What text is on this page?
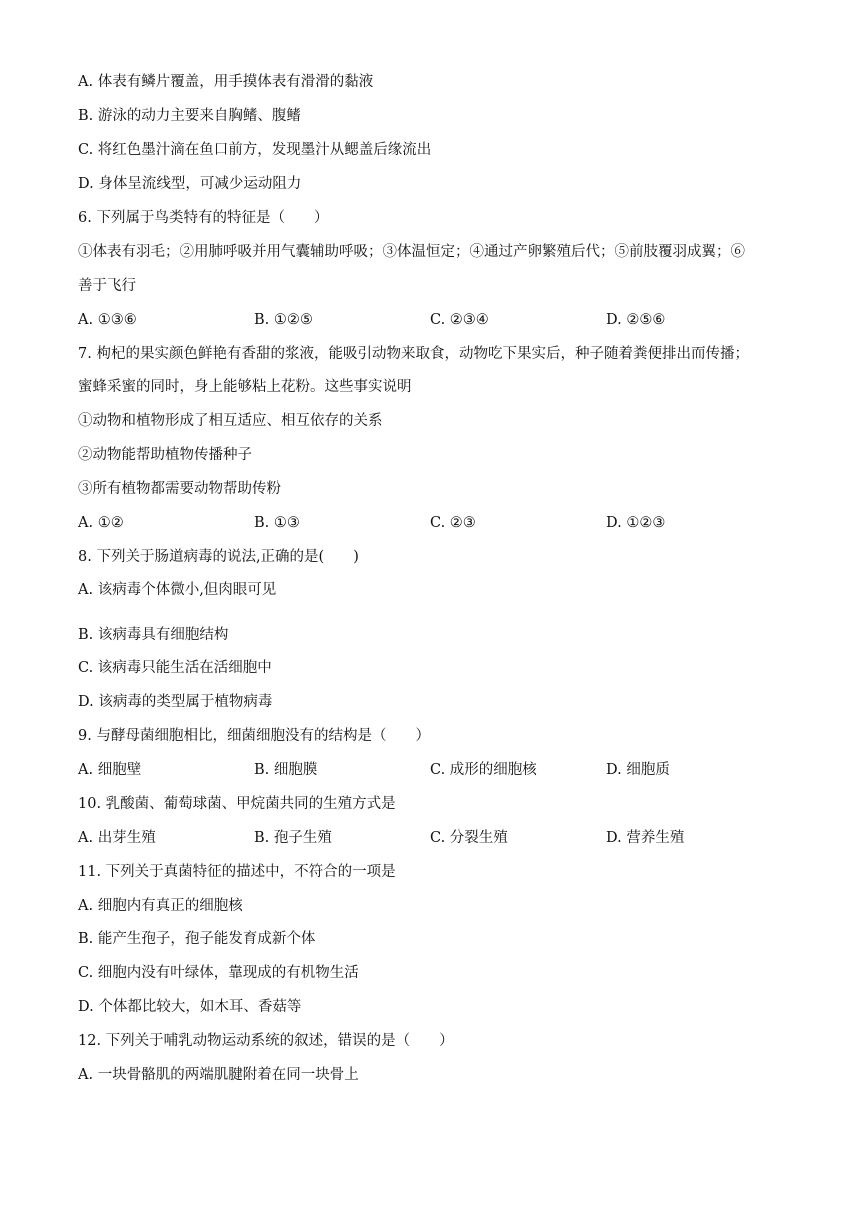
A. 体表有鳞片覆盖，用手摸体表有滑滑的黏液
B. 游泳的动力主要来自胸鳍、腹鳍
C. 将红色墨汁滴在鱼口前方，发现墨汁从鳃盖后缘流出
D. 身体呈流线型，可减少运动阻力
6. 下列属于鸟类特有的特征是（　　）
①体表有羽毛；②用肺呼吸并用气囊辅助呼吸；③体温恒定；④通过产卵繁殖后代；⑤前肢覆羽成翼；⑥
善于飞行
A. ①③⑥	B. ①②⑤	C. ②③④	D. ②⑤⑥
7. 枸杞的果实颜色鲜艳有香甜的浆液，能吸引动物来取食，动物吃下果实后，种子随着粪便排出而传播；
蜜蜂采蜜的同时，身上能够粘上花粉。这些事实说明
①动物和植物形成了相互适应、相互依存的关系
②动物能帮助植物传播种子
③所有植物都需要动物帮助传粉
A. ①②	B. ①③	C. ②③	D. ①②③
8. 下列关于肠道病毒的说法,正确的是(　　)
A. 该病毒个体微小,但肉眼可见
B. 该病毒具有细胞结构
C. 该病毒只能生活在活细胞中
D. 该病毒的类型属于植物病毒
9. 与酵母菌细胞相比，细菌细胞没有的结构是（　　）
A. 细胞壁	B. 细胞膜	C. 成形的细胞核	D. 细胞质
10. 乳酸菌、葡萄球菌、甲烷菌共同的生殖方式是
A. 出芽生殖	B. 孢子生殖	C. 分裂生殖	D. 营养生殖
11. 下列关于真菌特征的描述中，不符合的一项是
A. 细胞内有真正的细胞核
B. 能产生孢子，孢子能发育成新个体
C. 细胞内没有叶绿体，靠现成的有机物生活
D. 个体都比较大，如木耳、香菇等
12. 下列关于哺乳动物运动系统的叙述，错误的是（　　）
A. 一块骨骼肌的两端肌腱附着在同一块骨上
